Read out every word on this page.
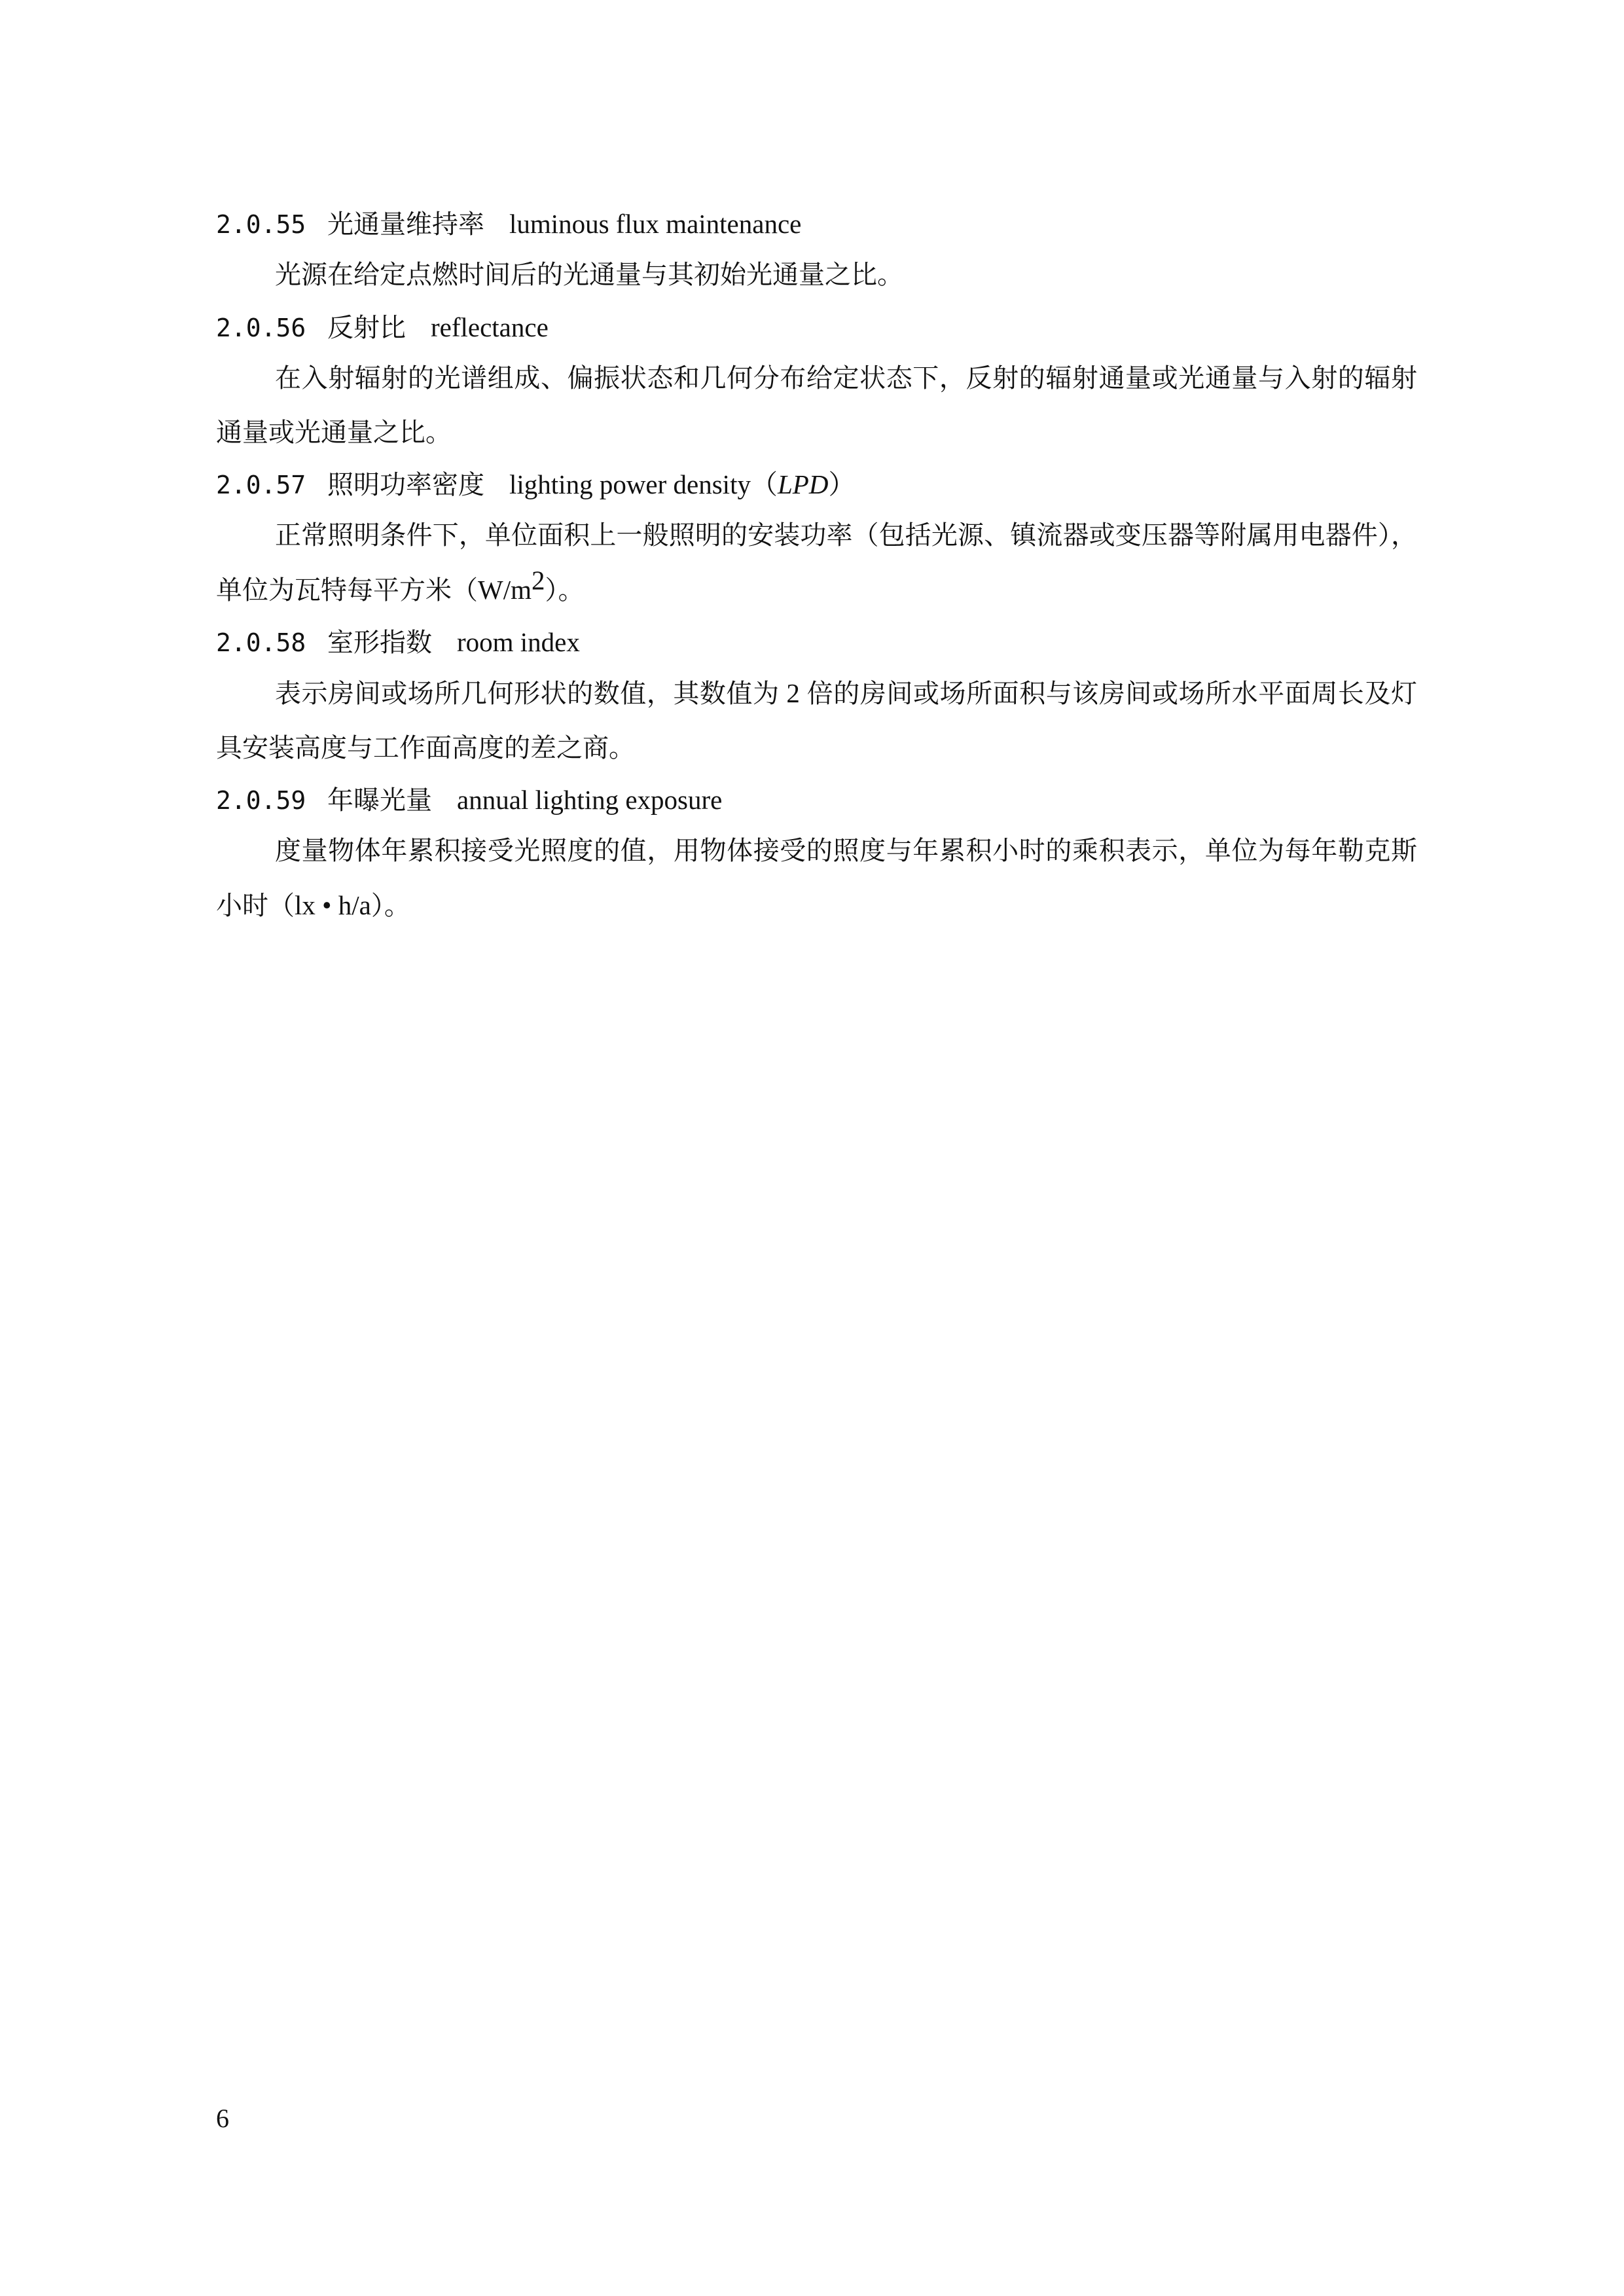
2.0.55 光通量维持率 luminous flux maintenance

光源在给定点燃时间后的光通量与其初始光通量之比。

2.0.56 反射比 reflectance

在入射辐射的光谱组成、偏振状态和几何分布给定状态下，反射的辐射通量或光通量与入射的辐射通量或光通量之比。

2.0.57 照明功率密度 lighting power density（LPD）

正常照明条件下，单位面积上一般照明的安装功率（包括光源、镇流器或变压器等附属用电器件），单位为瓦特每平方米$(W/m^2)$。

2.0.58 室形指数 room index

表示房间或场所几何形状的数值，其数值为 2 倍的房间或场所面积与该房间或场所水平面周长及灯具安装高度与工作面高度的差之商。

2.0.59 年曝光量 annual lighting exposure

度量物体年累积接受光照度的值，用物体接受的照度与年累积小时的乘积表示，单位为每年勒克斯小时（lx • h/a）。

6
